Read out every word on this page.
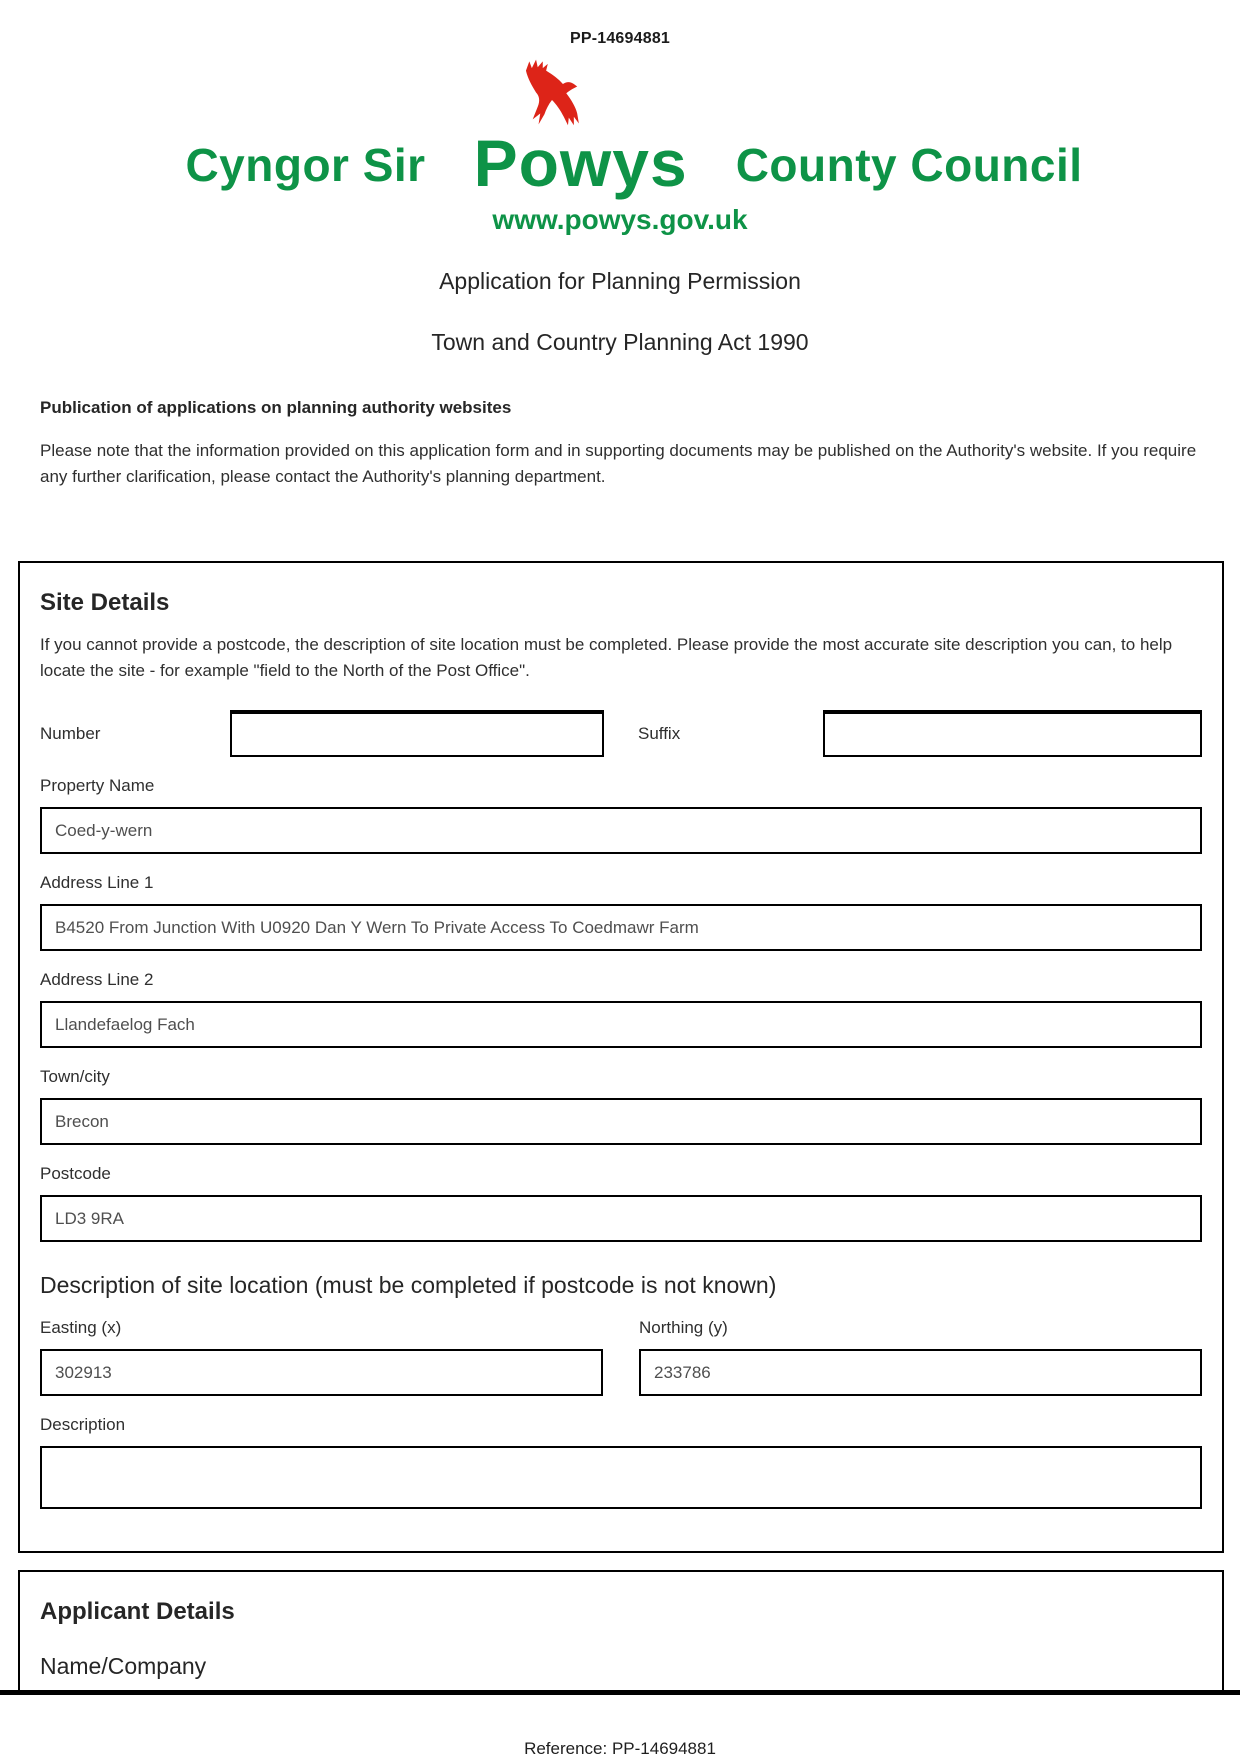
PP-14694881
Cyngor Sir Powys County Council
www.powys.gov.uk
Application for Planning Permission
Town and Country Planning Act 1990
Publication of applications on planning authority websites

Please note that the information provided on this application form and in supporting documents may be published on the Authority's website. If you require any further clarification, please contact the Authority's planning department.

Site Details

If you cannot provide a postcode, the description of site location must be completed. Please provide the most accurate site description you can, to help locate the site - for example "field to the North of the Post Office".

Number	Suffix
Property Name
Coed-y-wern
Address Line 1
B4520 From Junction With U0920 Dan Y Wern To Private Access To Coedmawr Farm
Address Line 2
Llandefaelog Fach
Town/city
Brecon
Postcode
LD3 9RA
Description of site location (must be completed if postcode is not known)
Easting (x)
302913	Northing (y)
233786
Description
Applicant Details
Name/Company
Reference: PP-14694881
